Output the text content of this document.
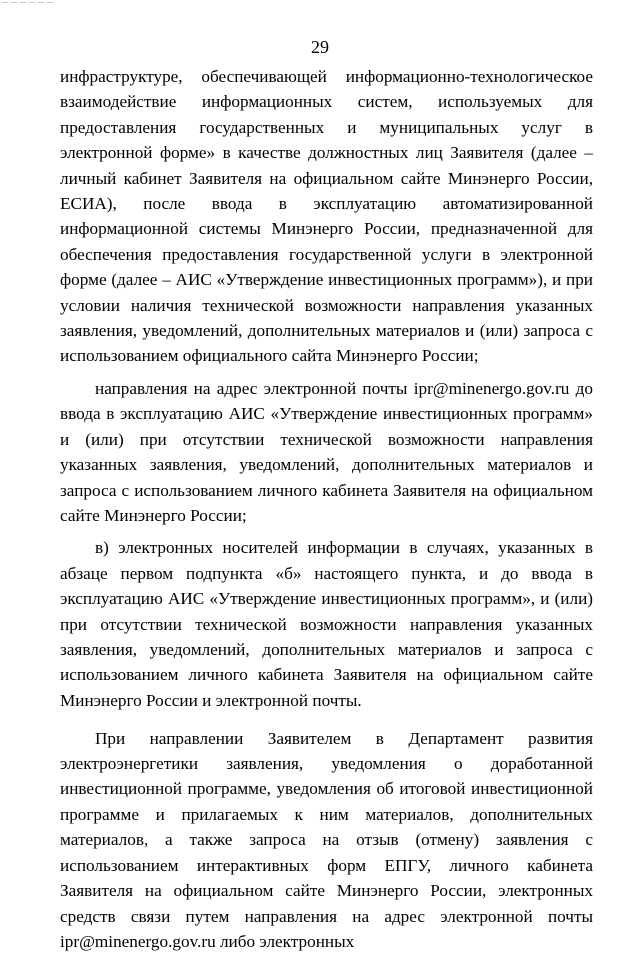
29

инфраструктуре, обеспечивающей информационно-технологическое взаимодействие информационных систем, используемых для предоставления государственных и муниципальных услуг в электронной форме» в качестве должностных лиц Заявителя (далее – личный кабинет Заявителя на официальном сайте Минэнерго России, ЕСИА), после ввода в эксплуатацию автоматизированной информационной системы Минэнерго России, предназначенной для обеспечения предоставления государственной услуги в электронной форме (далее – АИС «Утверждение инвестиционных программ»), и при условии наличия технической возможности направления указанных заявления, уведомлений, дополнительных материалов и (или) запроса с использованием официального сайта Минэнерго России;

направления на адрес электронной почты ipr@minenergo.gov.ru до ввода в эксплуатацию АИС «Утверждение инвестиционных программ» и (или) при отсутствии технической возможности направления указанных заявления, уведомлений, дополнительных материалов и запроса с использованием личного кабинета Заявителя на официальном сайте Минэнерго России;

в) электронных носителей информации в случаях, указанных в абзаце первом подпункта «б» настоящего пункта, и до ввода в эксплуатацию АИС «Утверждение инвестиционных программ», и (или) при отсутствии технической возможности направления указанных заявления, уведомлений, дополнительных материалов и запроса с использованием личного кабинета Заявителя на официальном сайте Минэнерго России и электронной почты.

При направлении Заявителем в Департамент развития электроэнергетики заявления, уведомления о доработанной инвестиционной программе, уведомления об итоговой инвестиционной программе и прилагаемых к ним материалов, дополнительных материалов, а также запроса на отзыв (отмену) заявления с использованием интерактивных форм ЕПГУ, личного кабинета Заявителя на официальном сайте Минэнерго России, электронных средств связи путем направления на адрес электронной почты ipr@minenergo.gov.ru либо электронных
